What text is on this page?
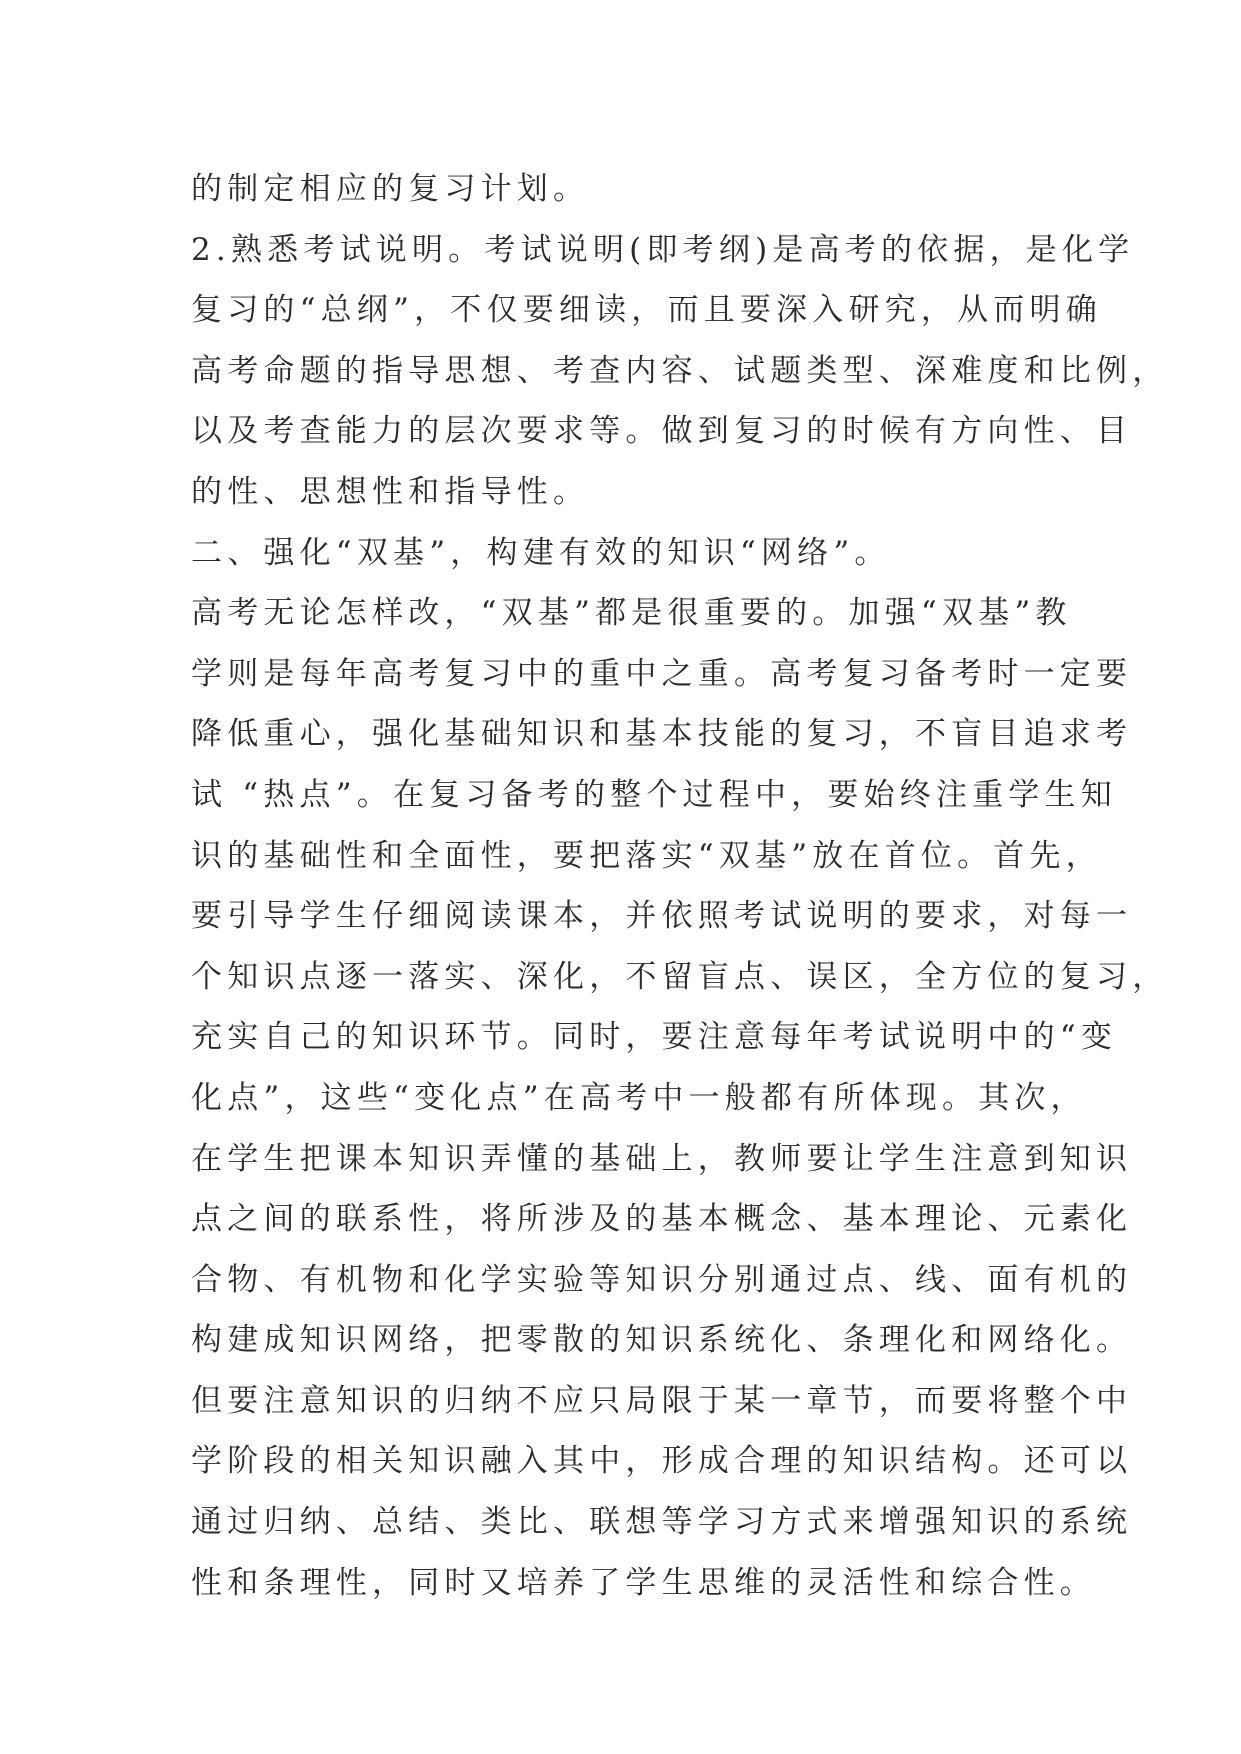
的制定相应的复习计划。
2.熟悉考试说明。考试说明(即考纲)是高考的依据，是化学
复习的“总纲”，不仅要细读，而且要深入研究，从而明确
高考命题的指导思想、考查内容、试题类型、深难度和比例，
以及考查能力的层次要求等。做到复习的时候有方向性、目
的性、思想性和指导性。
二、强化“双基”，构建有效的知识“网络”。
高考无论怎样改，“双基”都是很重要的。加强“双基”教
学则是每年高考复习中的重中之重。高考复习备考时一定要
降低重心，强化基础知识和基本技能的复习，不盲目追求考
试 “热点”。在复习备考的整个过程中，要始终注重学生知
识的基础性和全面性，要把落实“双基”放在首位。首先，
要引导学生仔细阅读课本，并依照考试说明的要求，对每一
个知识点逐一落实、深化，不留盲点、误区，全方位的复习，
充实自己的知识环节。同时，要注意每年考试说明中的“变
化点”，这些“变化点”在高考中一般都有所体现。其次，
在学生把课本知识弄懂的基础上，教师要让学生注意到知识
点之间的联系性，将所涉及的基本概念、基本理论、元素化
合物、有机物和化学实验等知识分别通过点、线、面有机的
构建成知识网络，把零散的知识系统化、条理化和网络化。
但要注意知识的归纳不应只局限于某一章节，而要将整个中
学阶段的相关知识融入其中，形成合理的知识结构。还可以
通过归纳、总结、类比、联想等学习方式来增强知识的系统
性和条理性，同时又培养了学生思维的灵活性和综合性。
